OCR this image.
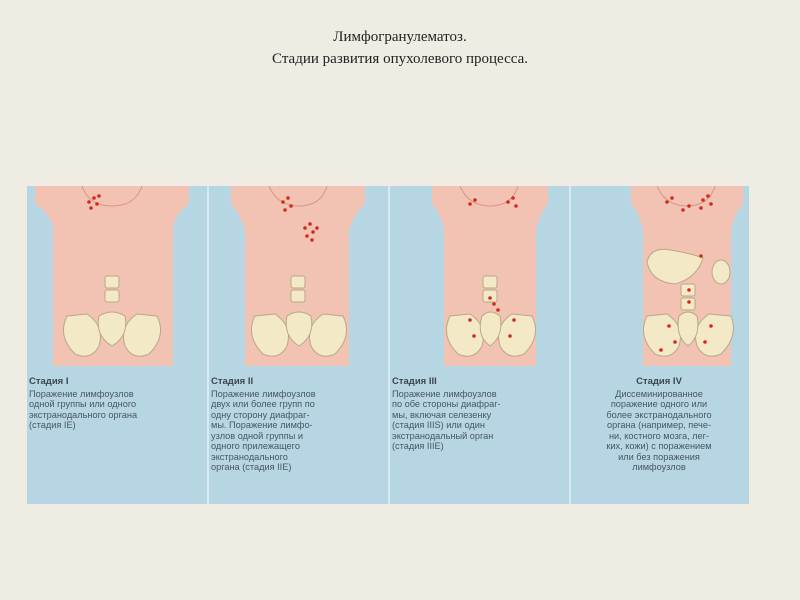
Лимфогранулематоз.
Стадии развития опухолевого процесса.
Стадия I
Поражение лимфоузлов
одной группы или одного
экстранодального органа
(стадия IE)
Стадия II
Поражение лимфоузлов
двух или более групп по
одну сторону диафраг-
мы. Поражение лимфо-
узлов одной группы и
одного прилежащего
экстранодального
органа (стадия IIE)
Стадия III
Поражение лимфоузлов
по обе стороны диафраг-
мы, включая селезенку
(стадия IIIS) или один
экстранодальный орган
(стадия IIIE)
Стадия IV
Диссеминированное
поражение одного или
более экстранодального
органа (например, пече-
ни, костного мозга, лег-
ких, кожи) с поражением
или без поражения
лимфоузлов
